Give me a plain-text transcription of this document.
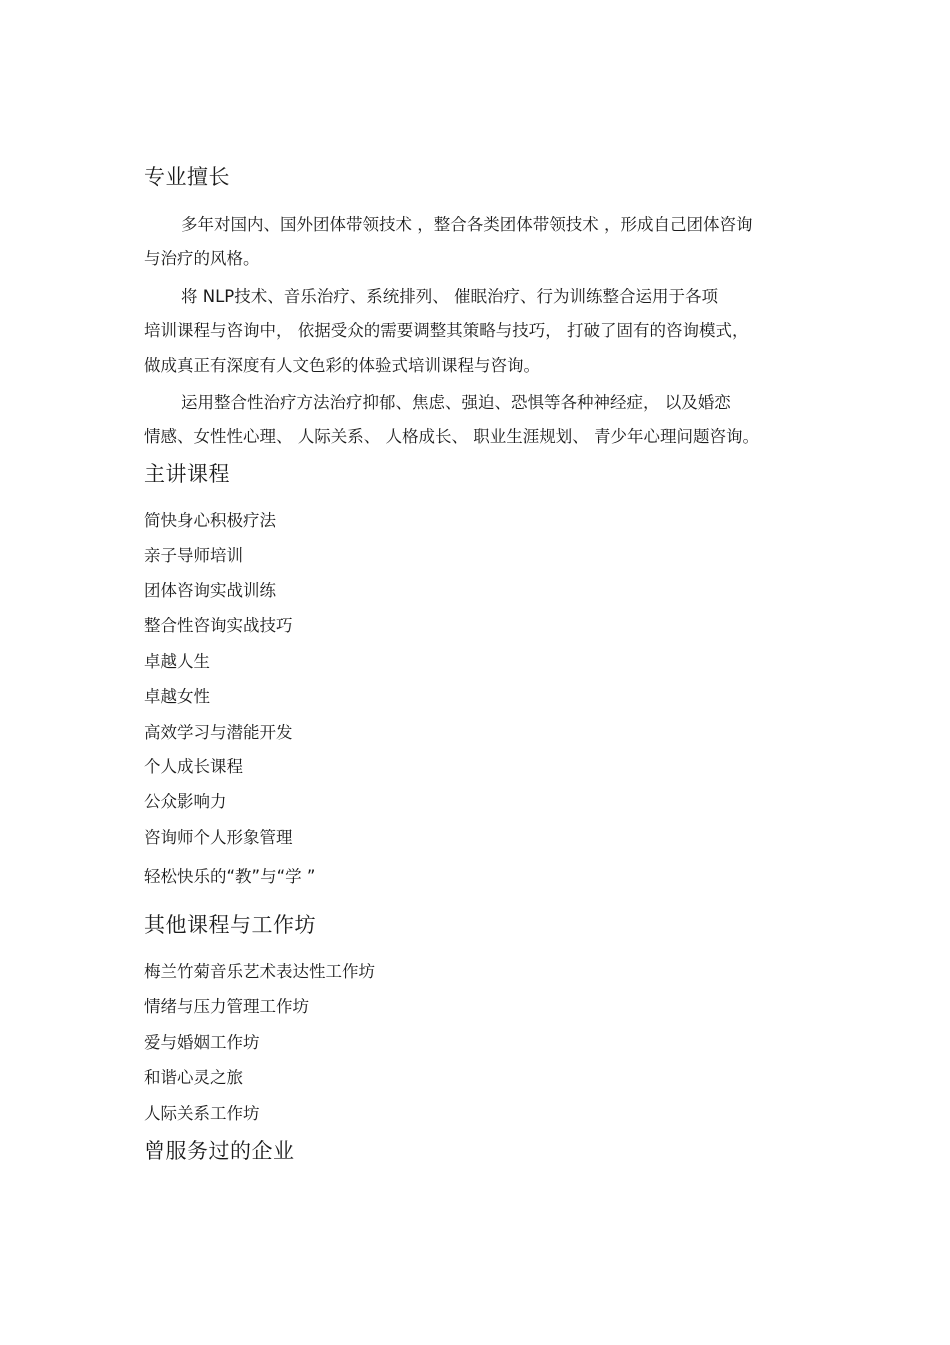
专业擅长
多年对国内、国外团体带领技术 ，整合各类团体带领技术 ，形成自己团体咨询
与治疗的风格。
将 NLP技术、音乐治疗、系统排列、 催眠治疗、行为训练整合运用于各项
培训课程与咨询中， 依据受众的需要调整其策略与技巧， 打破了固有的咨询模式，
做成真正有深度有人文色彩的体验式培训课程与咨询。
运用整合性治疗方法治疗抑郁、焦虑、强迫、恐惧等各种神经症， 以及婚恋
情感、女性性心理、 人际关系、 人格成长、 职业生涯规划、 青少年心理问题咨询。
主讲课程
简快身心积极疗法
亲子导师培训
团体咨询实战训练
整合性咨询实战技巧
卓越人生
卓越女性
高效学习与潜能开发
个人成长课程
公众影响力
咨询师个人形象管理
轻松快乐的“教”与“学 ”
其他课程与工作坊
梅兰竹菊音乐艺术表达性工作坊
情绪与压力管理工作坊
爱与婚姻工作坊
和谐心灵之旅
人际关系工作坊
曾服务过的企业
